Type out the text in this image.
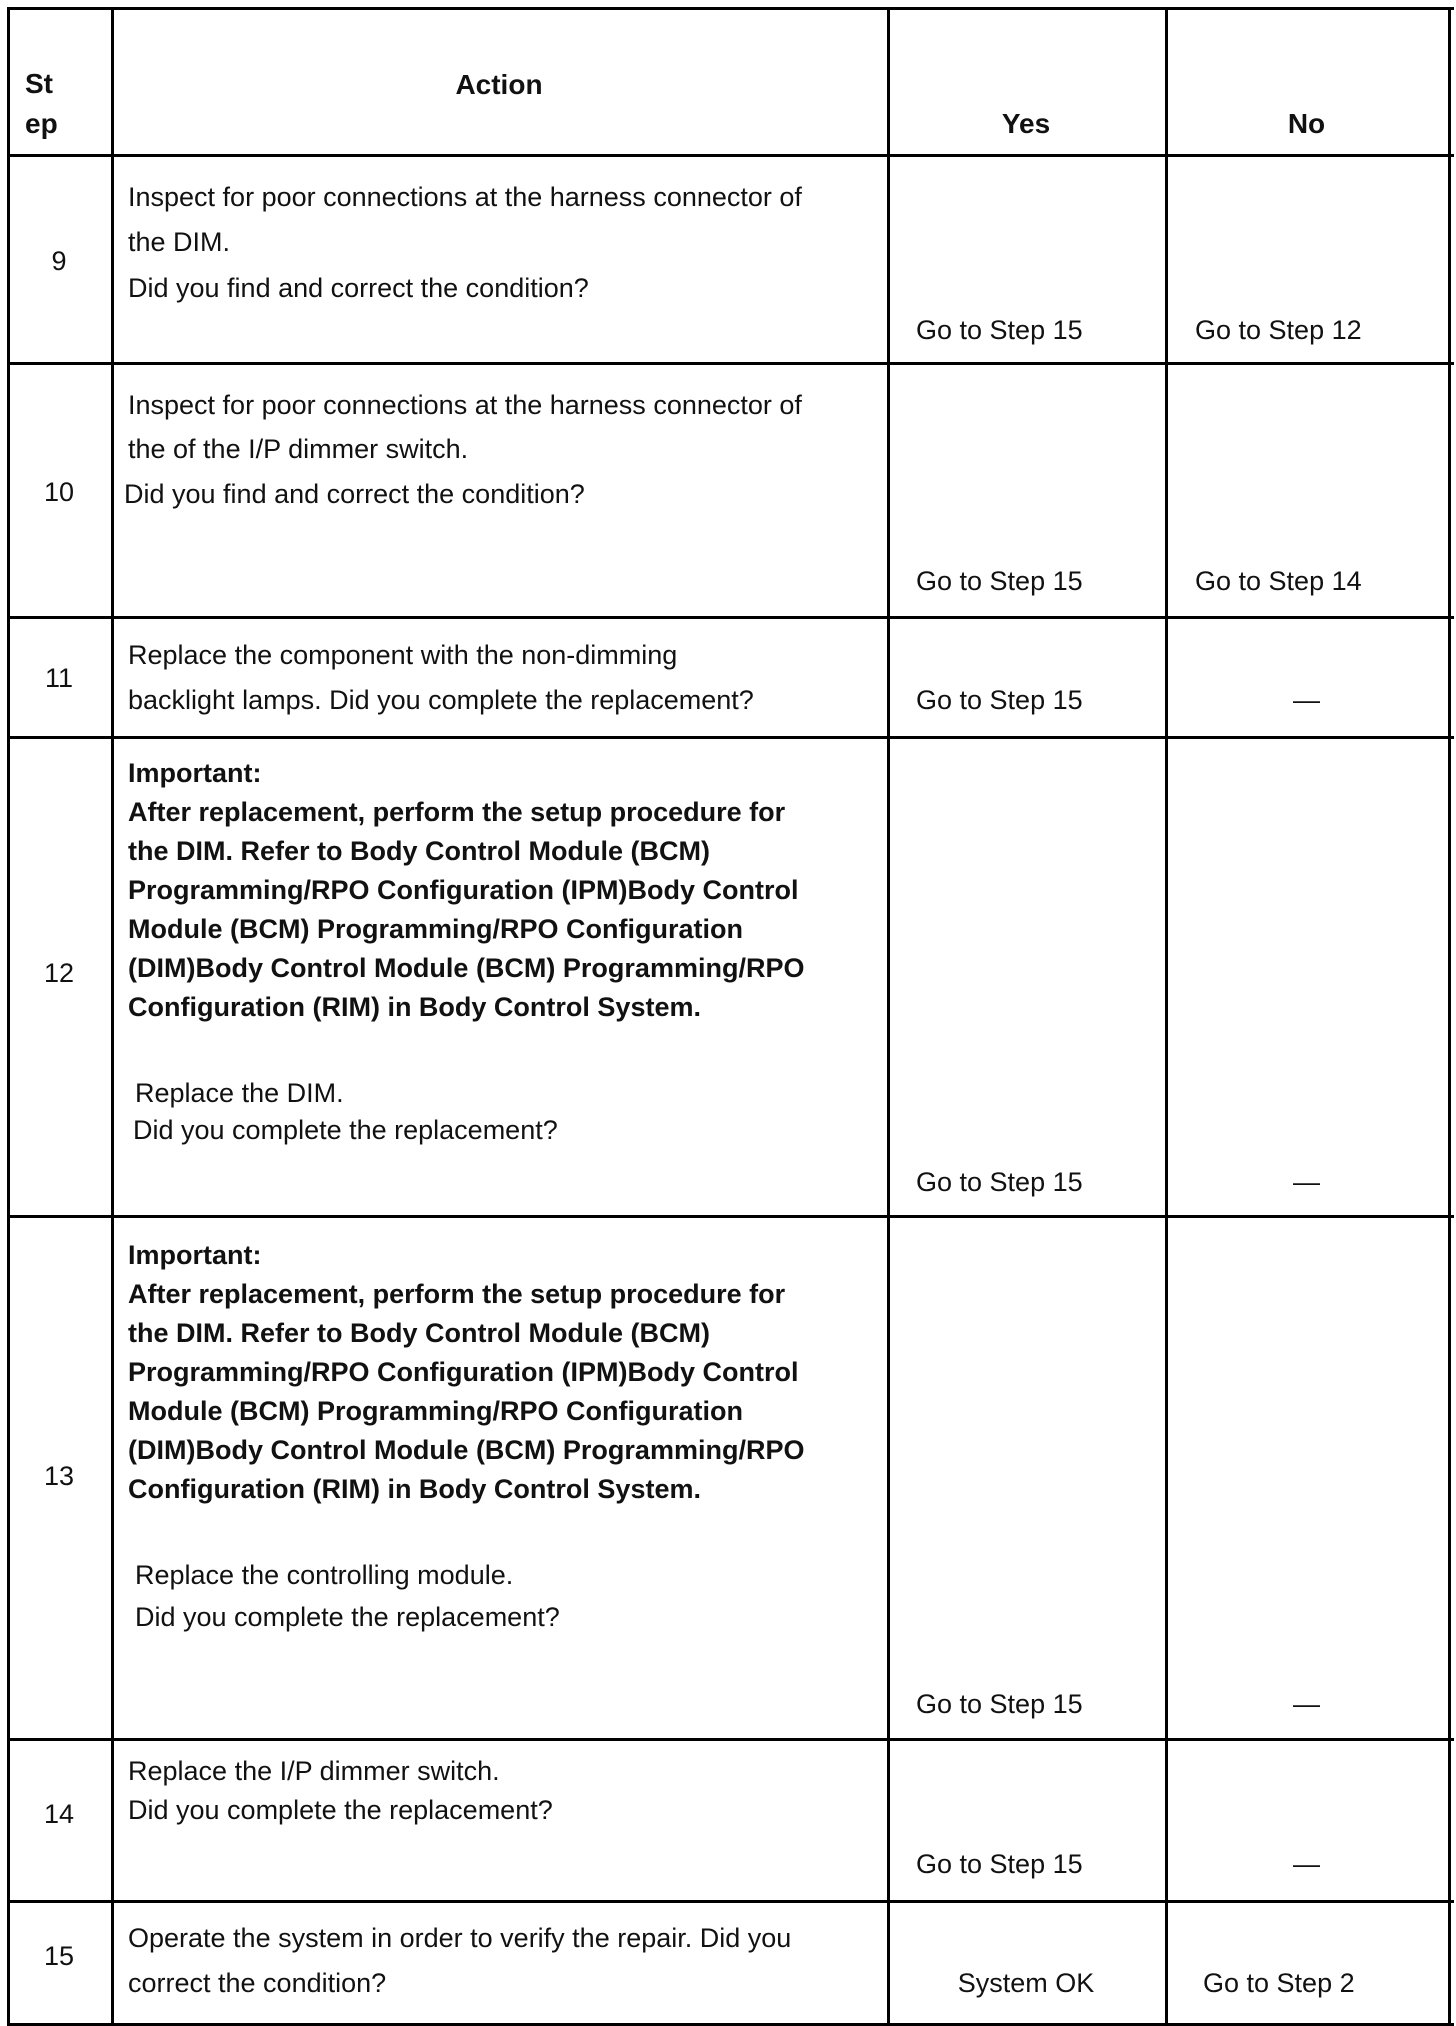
St
ep
Action
Yes	No
9
Inspect for poor connections at the harness connector of
the DIM.
Did you find and correct the condition?
Go to Step 15	Go to Step 12
10
Inspect for poor connections at the harness connector of
the of the I/P dimmer switch.
Did you find and correct the condition?
Go to Step 15	Go to Step 14
11
Replace the component with the non-dimming
backlight lamps. Did you complete the replacement?	Go to Step 15	—
12
Important:
After replacement, perform the setup procedure for
the DIM. Refer to Body Control Module (BCM)
Programming/RPO Configuration (IPM)Body Control
Module (BCM) Programming/RPO Configuration
(DIM)Body Control Module (BCM) Programming/RPO
Configuration (RIM) in Body Control System.
Replace the DIM.
Did you complete the replacement?
Go to Step 15	—
13
Important:
After replacement, perform the setup procedure for
the DIM. Refer to Body Control Module (BCM)
Programming/RPO Configuration (IPM)Body Control
Module (BCM) Programming/RPO Configuration
(DIM)Body Control Module (BCM) Programming/RPO
Configuration (RIM) in Body Control System.
Replace the controlling module.
Did you complete the replacement?
Go to Step 15	—
14
Replace the I/P dimmer switch.
Did you complete the replacement?
Go to Step 15	—
15
Operate the system in order to verify the repair. Did you
correct the condition?	System OK	Go to Step 2
